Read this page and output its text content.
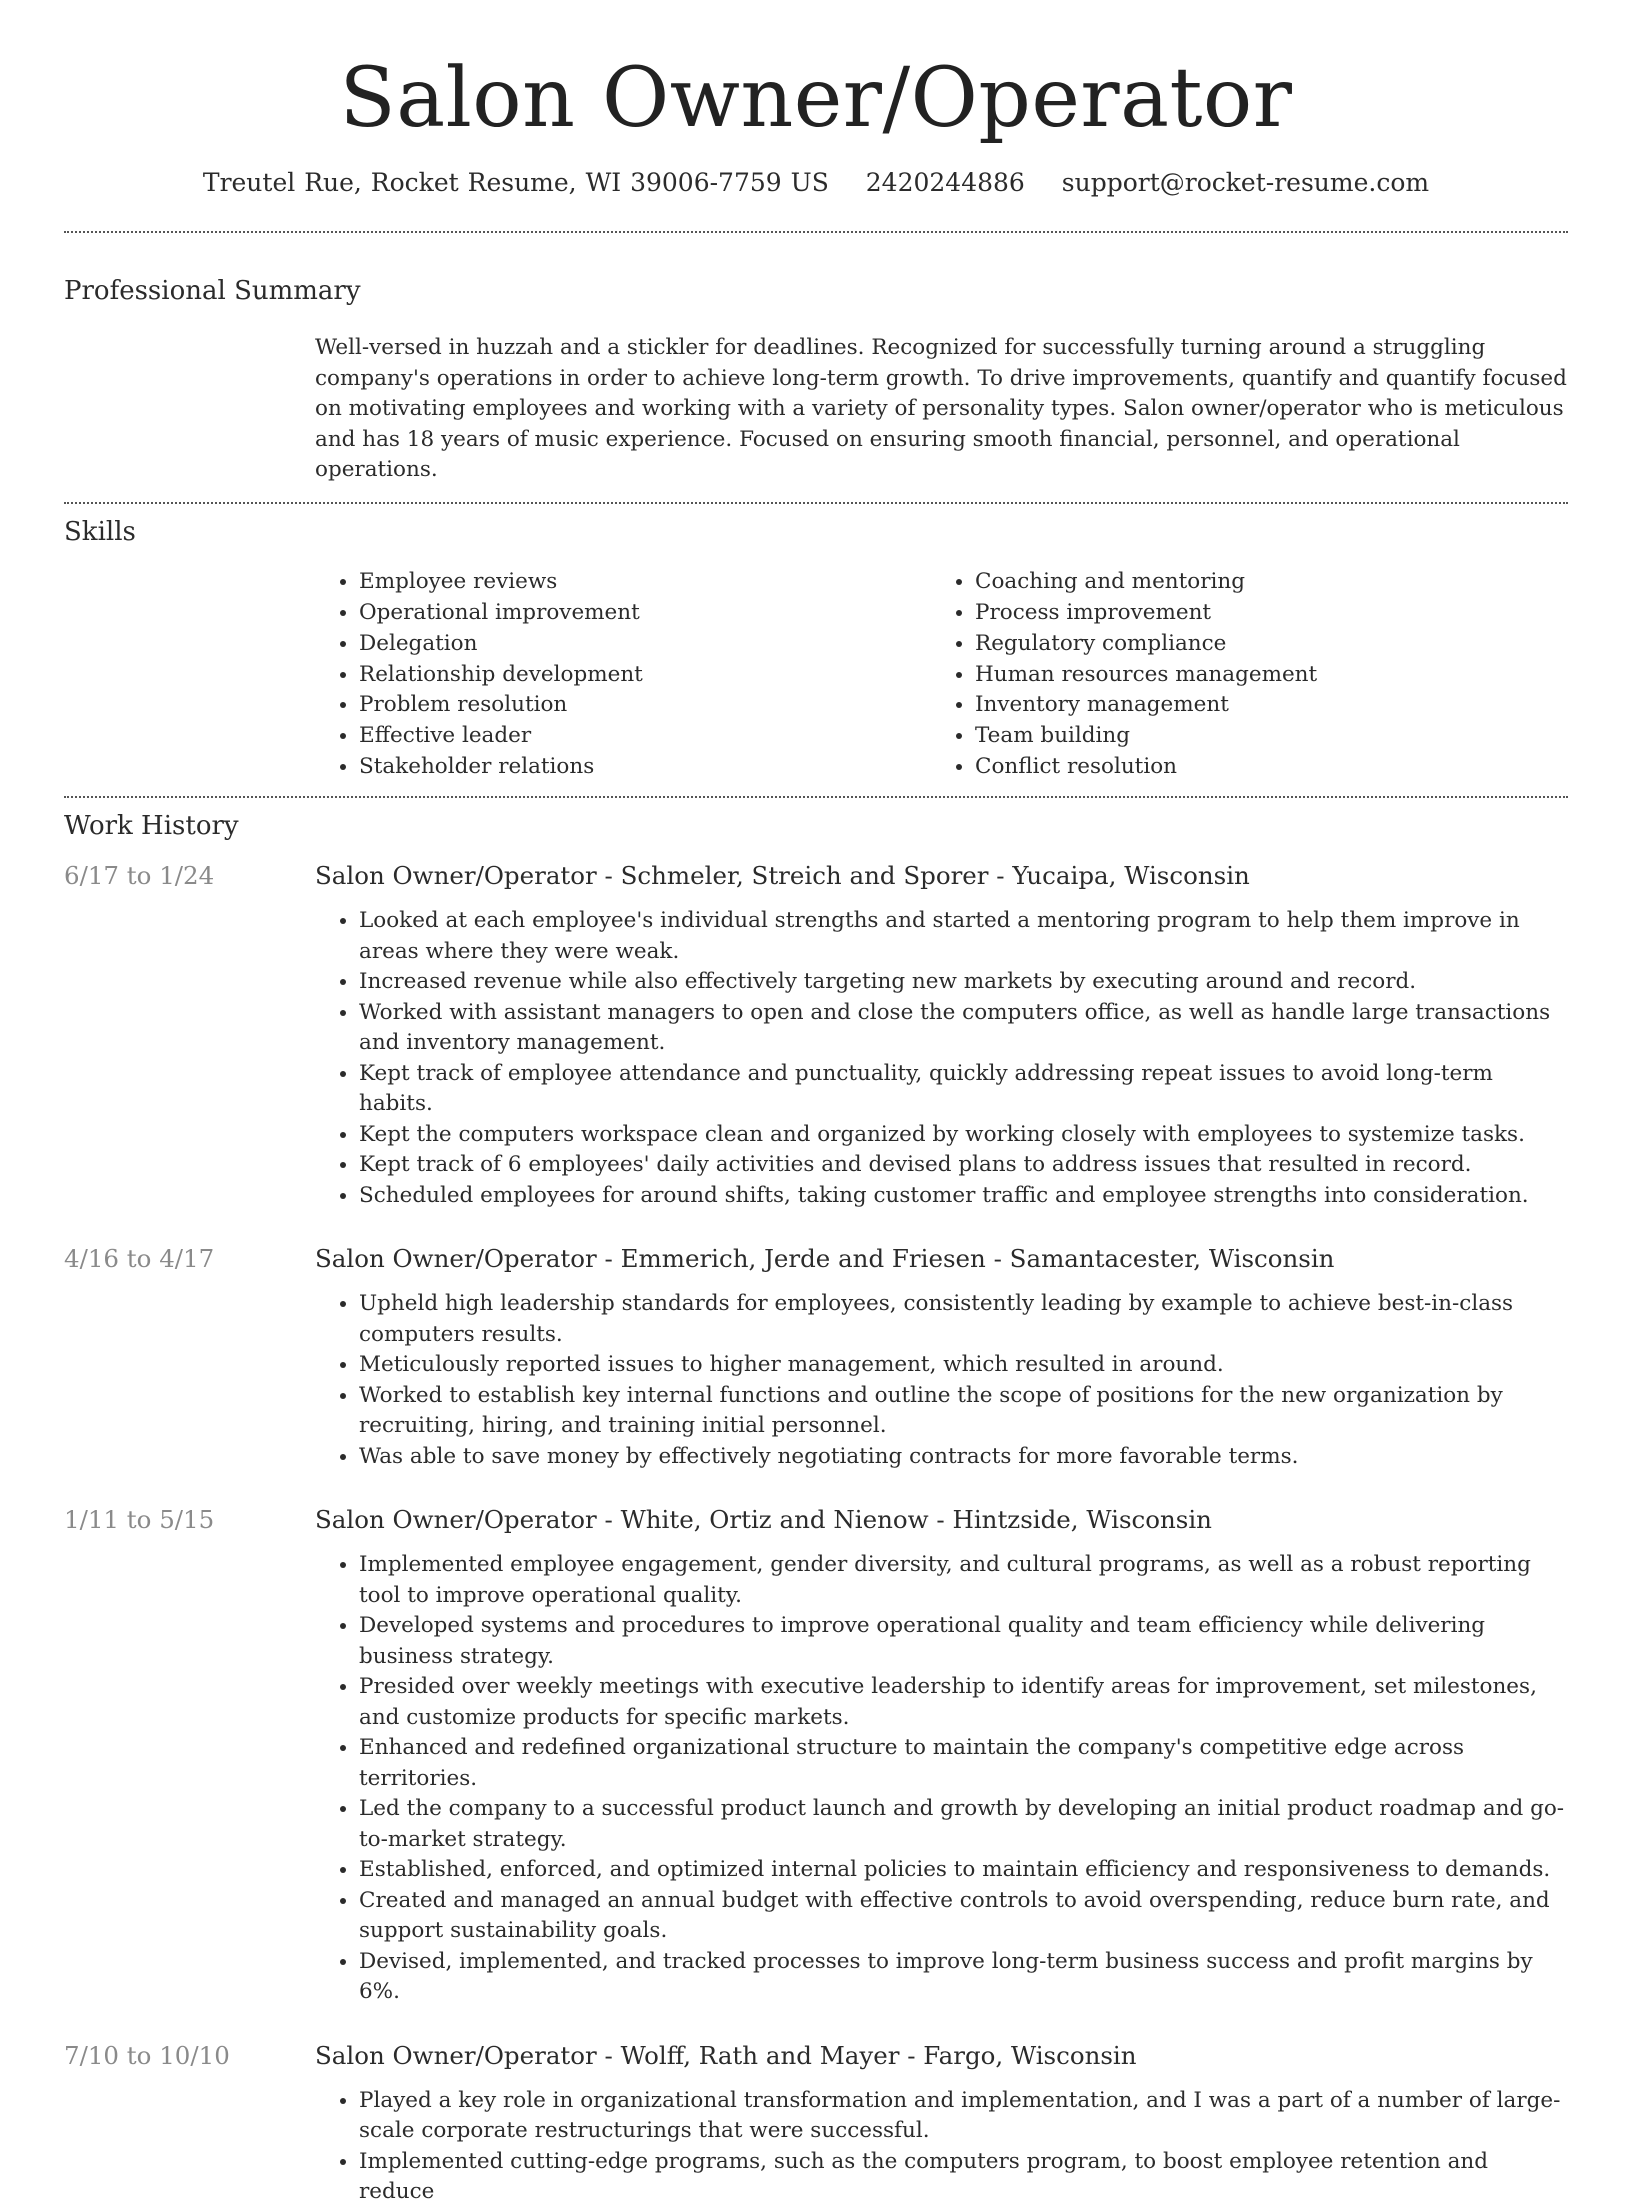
Salon Owner/Operator
Treutel Rue, Rocket Resume, WI 39006-7759 US 2420244886 support@rocket-resume.com
Professional Summary

Well-versed in huzzah and a stickler for deadlines. Recognized for successfully turning around a struggling company's operations in order to achieve long-term growth. To drive improvements, quantify and quantify focused on motivating employees and working with a variety of personality types. Salon owner/operator who is meticulous and has 18 years of music experience. Focused on ensuring smooth financial, personnel, and operational operations.

Skills
• Employee reviews
• Operational improvement
• Delegation
• Relationship development
• Problem resolution
• Effective leader
• Stakeholder relations
• Coaching and mentoring
• Process improvement
• Regulatory compliance
• Human resources management
• Inventory management
• Team building
• Conflict resolution
Work History
6/17 to 1/24	Salon Owner/Operator - Schmeler, Streich and Sporer - Yucaipa, Wisconsin
• Looked at each employee's individual strengths and started a mentoring program to help them improve in areas where they were weak.
• Increased revenue while also effectively targeting new markets by executing around and record.
• Worked with assistant managers to open and close the computers office, as well as handle large transactions and inventory management.
• Kept track of employee attendance and punctuality, quickly addressing repeat issues to avoid long-term habits.
• Kept the computers workspace clean and organized by working closely with employees to systemize tasks.
• Kept track of 6 employees' daily activities and devised plans to address issues that resulted in record.
• Scheduled employees for around shifts, taking customer traffic and employee strengths into consideration.
4/16 to 4/17	Salon Owner/Operator - Emmerich, Jerde and Friesen - Samantacester, Wisconsin
• Upheld high leadership standards for employees, consistently leading by example to achieve best-in-class computers results.
• Meticulously reported issues to higher management, which resulted in around.
• Worked to establish key internal functions and outline the scope of positions for the new organization by recruiting, hiring, and training initial personnel.
• Was able to save money by effectively negotiating contracts for more favorable terms.
1/11 to 5/15	Salon Owner/Operator - White, Ortiz and Nienow - Hintzside, Wisconsin
• Implemented employee engagement, gender diversity, and cultural programs, as well as a robust reporting tool to improve operational quality.
• Developed systems and procedures to improve operational quality and team efficiency while delivering business strategy.
• Presided over weekly meetings with executive leadership to identify areas for improvement, set milestones, and customize products for specific markets.
• Enhanced and redefined organizational structure to maintain the company's competitive edge across territories.
• Led the company to a successful product launch and growth by developing an initial product roadmap and go-to-market strategy.
• Established, enforced, and optimized internal policies to maintain efficiency and responsiveness to demands.
• Created and managed an annual budget with effective controls to avoid overspending, reduce burn rate, and support sustainability goals.
• Devised, implemented, and tracked processes to improve long-term business success and profit margins by 6%.
7/10 to 10/10	Salon Owner/Operator - Wolff, Rath and Mayer - Fargo, Wisconsin
• Played a key role in organizational transformation and implementation, and I was a part of a number of large-scale corporate restructurings that were successful.
• Implemented cutting-edge programs, such as the computers program, to boost employee retention and reduce
